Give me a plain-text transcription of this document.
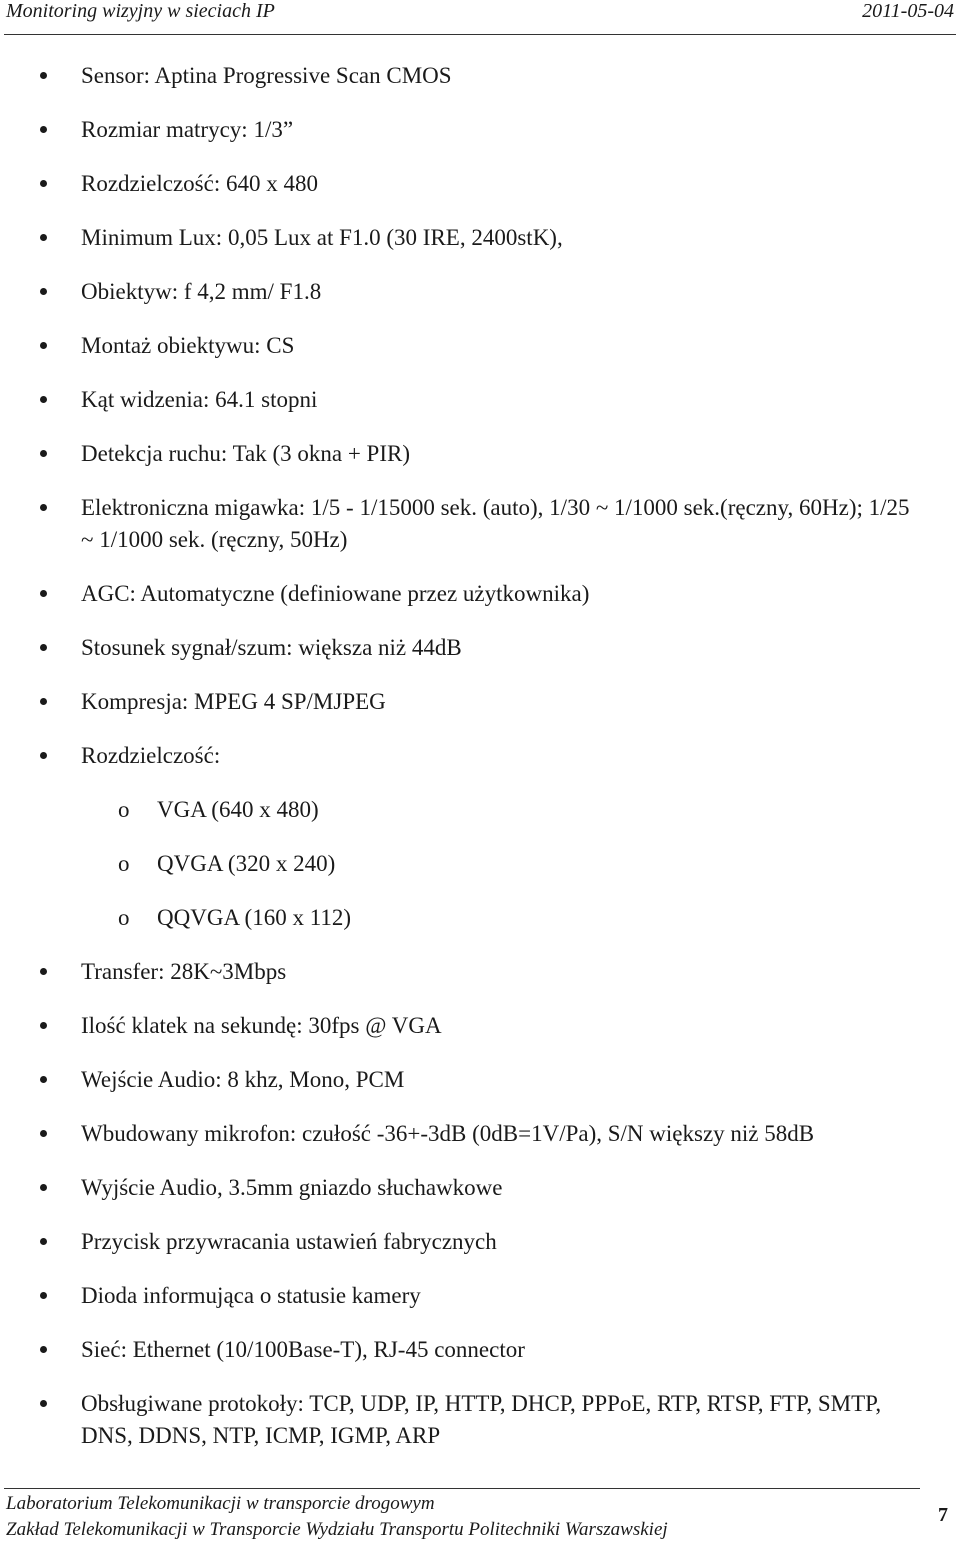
Monitoring wizyjny w sieciach IP	2011-05-04
Sensor: Aptina Progressive Scan CMOS
Rozmiar matrycy: 1/3”
Rozdzielczość: 640 x 480
Minimum Lux: 0,05 Lux at F1.0 (30 IRE, 2400stK),
Obiektyw: f 4,2 mm/ F1.8
Montaż obiektywu: CS
Kąt widzenia: 64.1 stopni
Detekcja ruchu: Tak (3 okna + PIR)
Elektroniczna migawka: 1/5 - 1/15000 sek. (auto), 1/30 ~ 1/1000 sek.(ręczny, 60Hz); 1/25 ~ 1/1000 sek. (ręczny, 50Hz)
AGC: Automatyczne (definiowane przez użytkownika)
Stosunek sygnał/szum: większa niż 44dB
Kompresja: MPEG 4 SP/MJPEG
Rozdzielczość:
o VGA (640 x 480)
o QVGA (320 x 240)
o QQVGA (160 x 112)
Transfer: 28K~3Mbps
Ilość klatek na sekundę: 30fps @ VGA
Wejście Audio: 8 khz, Mono, PCM
Wbudowany mikrofon: czułość -36+-3dB (0dB=1V/Pa), S/N większy niż 58dB
Wyjście Audio, 3.5mm gniazdo słuchawkowe
Przycisk przywracania ustawień fabrycznych
Dioda informująca o statusie kamery
Sieć: Ethernet (10/100Base-T), RJ-45 connector
Obsługiwane protokoły: TCP, UDP, IP, HTTP, DHCP, PPPoE, RTP, RTSP, FTP, SMTP, DNS, DDNS, NTP, ICMP, IGMP, ARP
Laboratorium Telekomunikacji w transporcie drogowym
Zakład Telekomunikacji w Transporcie Wydziału Transportu Politechniki Warszawskiej
7
